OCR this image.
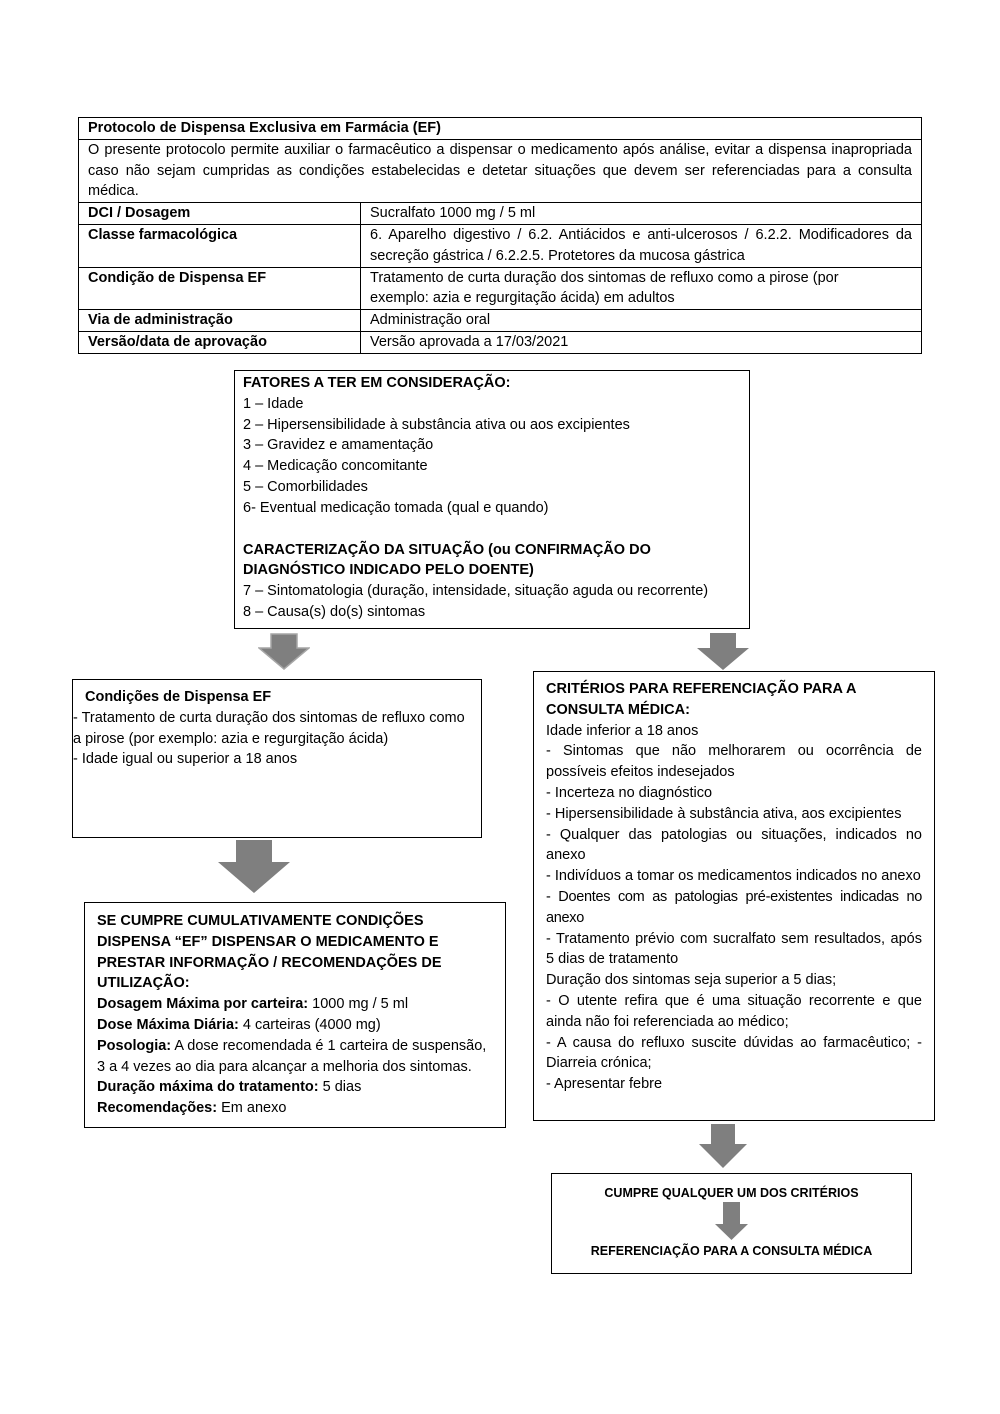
Protocolo de Dispensa Exclusiva em Farmácia (EF)	
O presente protocolo permite auxiliar o farmacêutico a dispensar o medicamento após análise, evitar a dispensa inapropriada caso não sejam cumpridas as condições estabelecidas e detetar situações que devem ser referenciadas para a consulta médica.	
DCI / Dosagem	Sucralfato 1000 mg / 5 ml
Classe farmacológica	6. Aparelho digestivo / 6.2. Antiácidos e anti-ulcerosos / 6.2.2. Modificadores da secreção gástrica / 6.2.2.5. Protetores da mucosa gástrica
Condição de Dispensa EF	Tratamento de curta duração dos sintomas de refluxo como a pirose (por exemplo: azia e regurgitação ácida) em adultos
Via de administração	Administração oral
Versão/data de aprovação	Versão aprovada a 17/03/2021
FATORES A TER EM CONSIDERAÇÃO:
1 – Idade
2 – Hipersensibilidade à substância ativa ou aos excipientes
3 – Gravidez e amamentação
4 – Medicação concomitante
5 – Comorbilidades
6- Eventual medicação tomada (qual e quando)
CARACTERIZAÇÃO DA SITUAÇÃO (ou CONFIRMAÇÃO DO DIAGNÓSTICO INDICADO PELO DOENTE)
7 – Sintomatologia (duração, intensidade, situação aguda ou recorrente)
8 – Causa(s) do(s) sintomas
Condições de Dispensa EF
- Tratamento de curta duração dos sintomas de refluxo como a pirose (por exemplo: azia e regurgitação ácida)
- Idade igual ou superior a 18 anos
SE CUMPRE CUMULATIVAMENTE CONDIÇÕES DISPENSA “EF” DISPENSAR O MEDICAMENTO E PRESTAR INFORMAÇÃO / RECOMENDAÇÕES DE UTILIZAÇÃO:
Dosagem Máxima por carteira: 1000 mg / 5 ml
Dose Máxima Diária: 4 carteiras (4000 mg)
Posologia: A dose recomendada é 1 carteira de suspensão, 3 a 4 vezes ao dia para alcançar a melhoria dos sintomas.
Duração máxima do tratamento: 5 dias
Recomendações: Em anexo
CRITÉRIOS PARA REFERENCIAÇÃO PARA A CONSULTA MÉDICA:
Idade inferior a 18 anos
- Sintomas que não melhorarem ou ocorrência de possíveis efeitos indesejados
- Incerteza no diagnóstico
- Hipersensibilidade à substância ativa, aos excipientes
- Qualquer das patologias ou situações, indicados no anexo
- Indivíduos a tomar os medicamentos indicados no anexo
- Doentes com as patologias pré-existentes indicadas no anexo
- Tratamento prévio com sucralfato sem resultados, após 5 dias de tratamento
Duração dos sintomas seja superior a 5 dias;
- O utente refira que é uma situação recorrente e que ainda não foi referenciada ao médico;
- A causa do refluxo suscite dúvidas ao farmacêutico; - Diarreia crónica;
- Apresentar febre
CUMPRE QUALQUER UM DOS CRITÉRIOS
REFERENCIAÇÃO PARA A CONSULTA MÉDICA
